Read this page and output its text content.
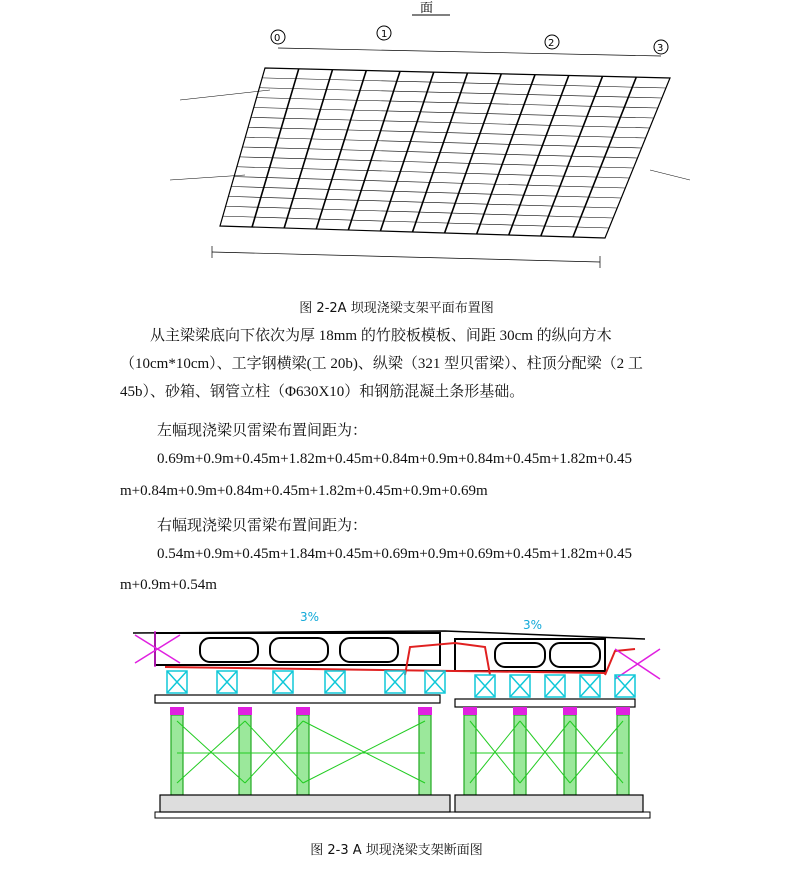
面
0	1
2	3
图 2-2A 坝现浇梁支架平面布置图
从主梁梁底向下依次为厚 18mm 的竹胶板模板、间距 30cm 的纵向方木（10cm*10cm）、工字钢横梁(工 20b)、纵梁（321 型贝雷梁）、柱顶分配梁（2 工 45b）、砂箱、钢管立柱（Φ630X10）和钢筋混凝土条形基础。
左幅现浇梁贝雷梁布置间距为：
0.69m+0.9m+0.45m+1.82m+0.45m+0.84m+0.9m+0.84m+0.45m+1.82m+0.45
m+0.84m+0.9m+0.84m+0.45m+1.82m+0.45m+0.9m+0.69m
右幅现浇梁贝雷梁布置间距为：
0.54m+0.9m+0.45m+1.84m+0.45m+0.69m+0.9m+0.69m+0.45m+1.82m+0.45
m+0.9m+0.54m
3%
3%
图 2-3 A 坝现浇梁支架断面图
